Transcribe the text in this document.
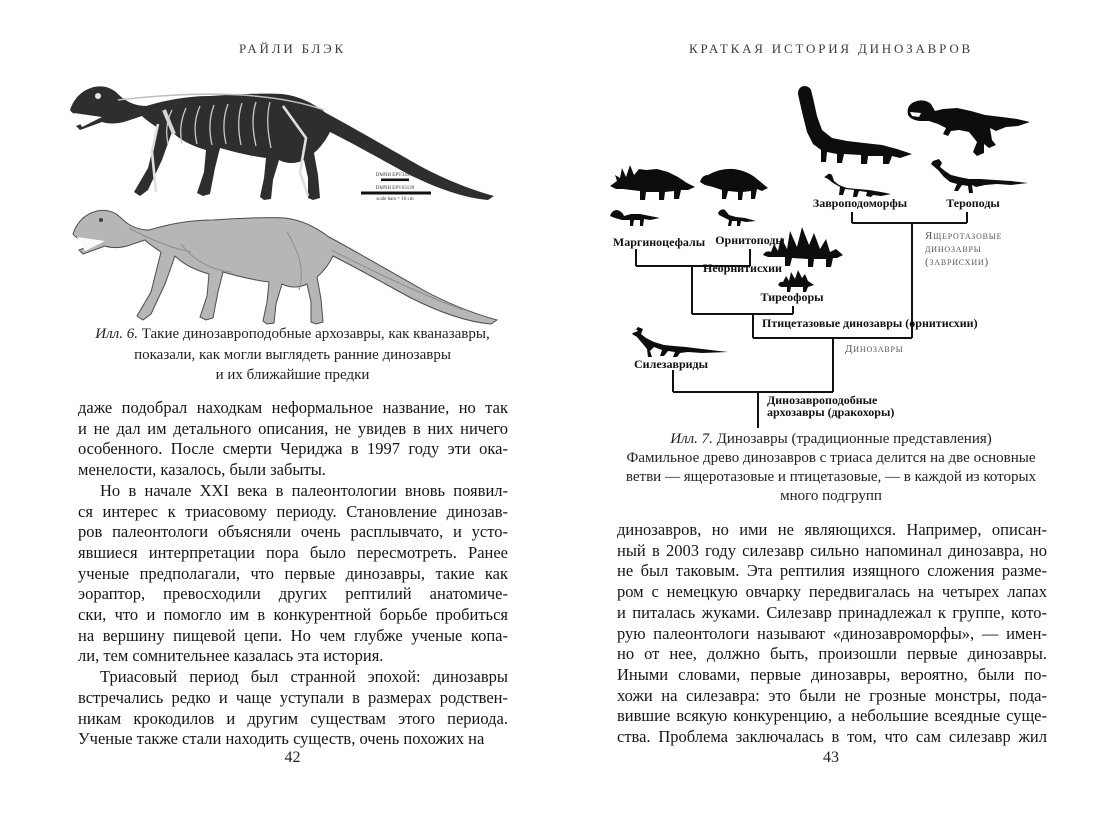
РАЙЛИ БЛЭК
DMNH EPV34579
DMNH EPV63139
scale bars = 10 cm
Илл. 6. Такие динозавроподобные архозавры, как кваназавры,
показали, как могли выглядеть ранние динозавры
и их ближайшие предки
даже подобрал находкам неформальное название, но так
и не дал им детального описания, не увидев в них ничего
особенного. После смерти Чериджа в 1997 году эти ока-
менелости, казалось, были забыты.
Но в начале XXI века в палеонтологии вновь появил-
ся интерес к триасовому периоду. Становление динозав-
ров палеонтологи объясняли очень расплывчато, и усто-
явшиеся интерпретации пора было пересмотреть. Ранее
ученые предполагали, что первые динозавры, такие как
эораптор, превосходили других рептилий анатомиче-
ски, что и помогло им в конкурентной борьбе пробиться
на вершину пищевой цепи. Но чем глубже ученые копа-
ли, тем сомнительнее казалась эта история.
Триасовый период был странной эпохой: динозавры
встречались редко и чаще уступали в размерах родствен-
никам крокодилов и другим существам этого периода.
Ученые также стали находить существ, очень похожих на
42
КРАТКАЯ ИСТОРИЯ ДИНОЗАВРОВ
Маргиноцефалы Орнитоподы
Неорнитисхии
Тиреофоры
Завроподоморфы	Тероподы
Ящеротазовые
динозавры
(заврисхии)
Птицетазовые динозавры (орнитисхии)
Динозавры
Силезавриды
Динозавроподобные
архозавры (дракохоры)
Илл. 7. Динозавры (традиционные представления)
Фамильное древо динозавров с триаса делится на две основные
ветви — ящеротазовые и птицетазовые, — в каждой из которых
много подгрупп
динозавров, но ими не являющихся. Например, описан-
ный в 2003 году силезавр сильно напоминал динозавра, но
не был таковым. Эта рептилия изящного сложения разме-
ром с немецкую овчарку передвигалась на четырех лапах
и питалась жуками. Силезавр принадлежал к группе, кото-
рую палеонтологи называют «динозавроморфы», — имен-
но от нее, должно быть, произошли первые динозавры.
Иными словами, первые динозавры, вероятно, были по-
хожи на силезавра: это были не грозные монстры, пода-
вившие всякую конкуренцию, а небольшие всеядные суще-
ства. Проблема заключалась в том, что сам силезавр жил
43
